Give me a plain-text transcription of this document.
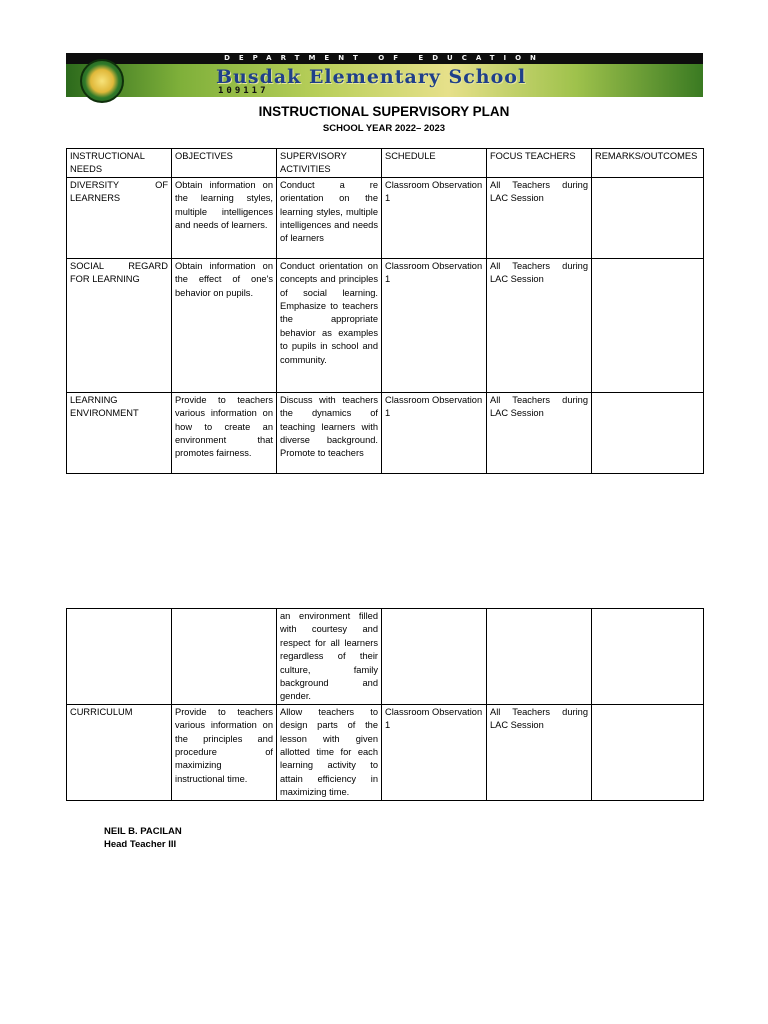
DEPARTMENT OF EDUCATION
Busdak Elementary School
109117
INSTRUCTIONAL SUPERVISORY PLAN
SCHOOL YEAR 2022– 2023
INSTRUCTIONAL NEEDS	OBJECTIVES	SUPERVISORY ACTIVITIES	SCHEDULE	FOCUS TEACHERS	REMARKS/OUTCOMES
DIVERSITY OF LEARNERS	Obtain information on the learning styles, multiple intelligences and needs of learners.	Conduct a re orientation on the learning styles, multiple intelligences and needs of learners	Classroom Observation 1	All Teachers during LAC Session	
SOCIAL REGARD FOR LEARNING	Obtain information on the effect of one's behavior on pupils.	Conduct orientation on concepts and principles of social learning. Emphasize to teachers the appropriate behavior as examples to pupils in school and community.	Classroom Observation 1	All Teachers during LAC Session	
LEARNING ENVIRONMENT	Provide to teachers various information on how to create an environment that promotes fairness.	Discuss with teachers the dynamics of teaching learners with diverse background. Promote to teachers	Classroom Observation 1	All Teachers during LAC Session	
		an environment filled with courtesy and respect for all learners regardless of their culture, family background and gender.			
CURRICULUM	Provide to teachers various information on the principles and procedure of maximizing instructional time.	Allow teachers to design parts of the lesson with given allotted time for each learning activity to attain efficiency in maximizing time.	Classroom Observation 1	All Teachers during LAC Session	
NEIL B. PACILAN
Head Teacher III
